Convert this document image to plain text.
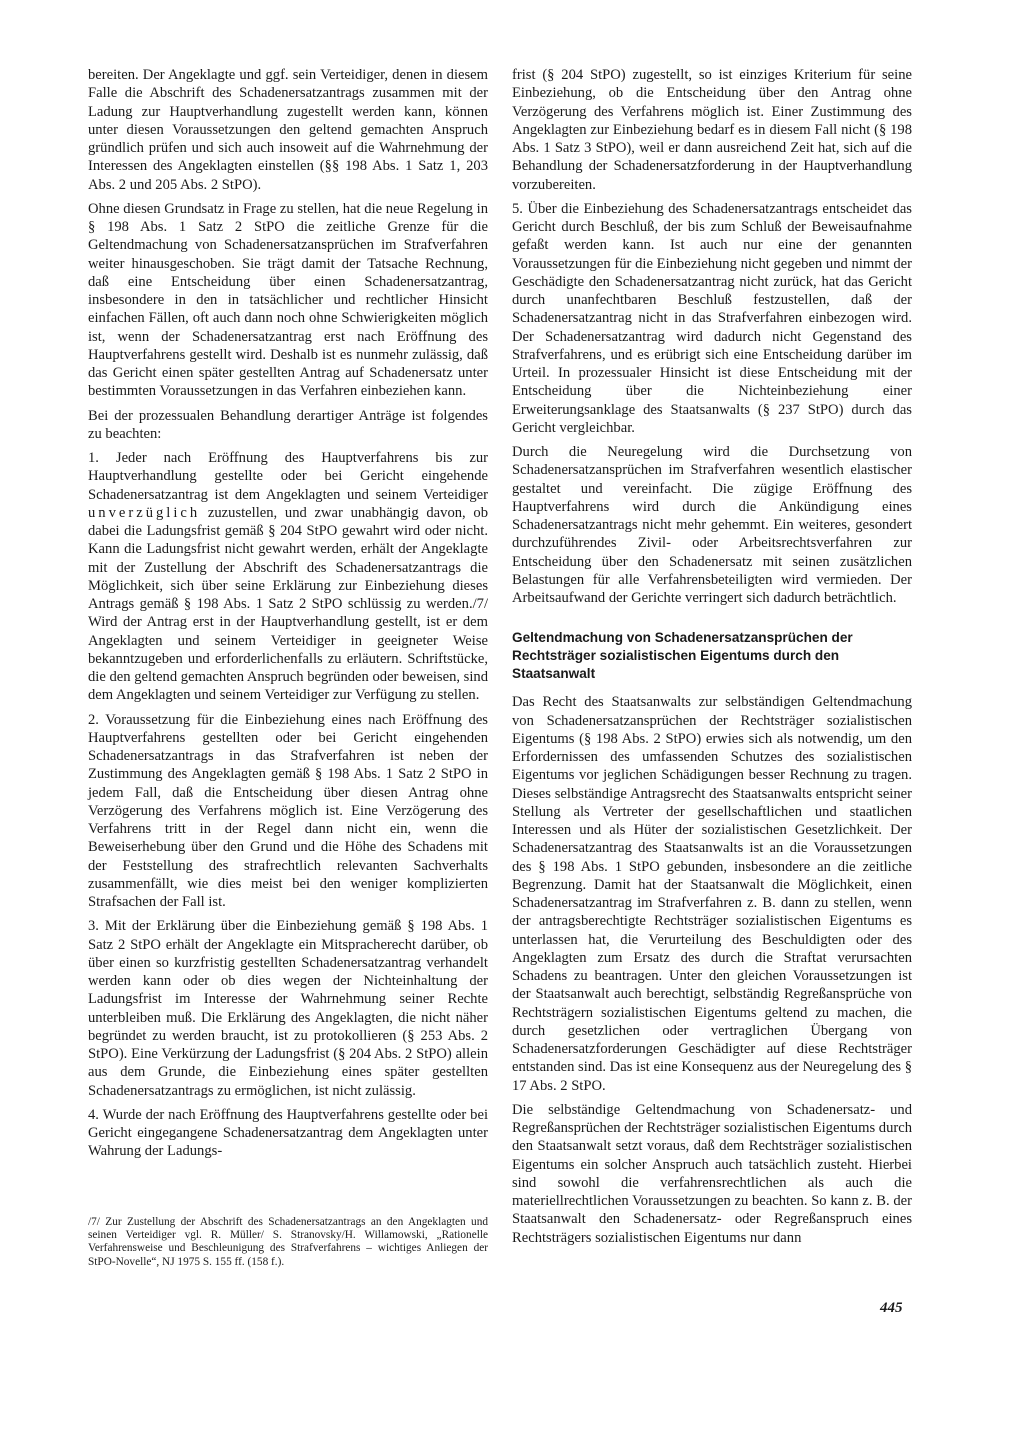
bereiten. Der Angeklagte und ggf. sein Verteidiger, denen in diesem Falle die Abschrift des Schadenersatzantrags zusammen mit der Ladung zur Hauptverhandlung zugestellt werden kann, können unter diesen Voraussetzungen den geltend gemachten Anspruch gründlich prüfen und sich auch insoweit auf die Wahrnehmung der Interessen des Angeklagten einstellen (§§ 198 Abs. 1 Satz 1, 203 Abs. 2 und 205 Abs. 2 StPO).

Ohne diesen Grundsatz in Frage zu stellen, hat die neue Regelung in § 198 Abs. 1 Satz 2 StPO die zeitliche Grenze für die Geltendmachung von Schadenersatzansprüchen im Strafverfahren weiter hinausgeschoben. Sie trägt damit der Tatsache Rechnung, daß eine Entscheidung über einen Schadenersatzantrag, insbesondere in den in tatsächlicher und rechtlicher Hinsicht einfachen Fällen, oft auch dann noch ohne Schwierigkeiten möglich ist, wenn der Schadenersatzantrag erst nach Eröffnung des Hauptverfahrens gestellt wird. Deshalb ist es nunmehr zulässig, daß das Gericht einen später gestellten Antrag auf Schadenersatz unter bestimmten Voraussetzungen in das Verfahren einbeziehen kann.

Bei der prozessualen Behandlung derartiger Anträge ist folgendes zu beachten:

1. Jeder nach Eröffnung des Hauptverfahrens bis zur Hauptverhandlung gestellte oder bei Gericht eingehende Schadenersatzantrag ist dem Angeklagten und seinem Verteidiger unverzüglich zuzustellen, und zwar unabhängig davon, ob dabei die Ladungsfrist gemäß § 204 StPO gewahrt wird oder nicht. Kann die Ladungsfrist nicht gewahrt werden, erhält der Angeklagte mit der Zustellung der Abschrift des Schadenersatzantrags die Möglichkeit, sich über seine Erklärung zur Einbeziehung dieses Antrags gemäß § 198 Abs. 1 Satz 2 StPO schlüssig zu werden./7/ Wird der Antrag erst in der Hauptverhandlung gestellt, ist er dem Angeklagten und seinem Verteidiger in geeigneter Weise bekanntzugeben und erforderlichenfalls zu erläutern. Schriftstücke, die den geltend gemachten Anspruch begründen oder beweisen, sind dem Angeklagten und seinem Verteidiger zur Verfügung zu stellen.

2. Voraussetzung für die Einbeziehung eines nach Eröffnung des Hauptverfahrens gestellten oder bei Gericht eingehenden Schadenersatzantrags in das Strafverfahren ist neben der Zustimmung des Angeklagten gemäß § 198 Abs. 1 Satz 2 StPO in jedem Fall, daß die Entscheidung über diesen Antrag ohne Verzögerung des Verfahrens möglich ist. Eine Verzögerung des Verfahrens tritt in der Regel dann nicht ein, wenn die Beweiserhebung über den Grund und die Höhe des Schadens mit der Feststellung des strafrechtlich relevanten Sachverhalts zusammenfällt, wie dies meist bei den weniger komplizierten Strafsachen der Fall ist.

3. Mit der Erklärung über die Einbeziehung gemäß § 198 Abs. 1 Satz 2 StPO erhält der Angeklagte ein Mitspracherecht darüber, ob über einen so kurzfristig gestellten Schadenersatzantrag verhandelt werden kann oder ob dies wegen der Nichteinhaltung der Ladungsfrist im Interesse der Wahrnehmung seiner Rechte unterbleiben muß. Die Erklärung des Angeklagten, die nicht näher begründet zu werden braucht, ist zu protokollieren (§ 253 Abs. 2 StPO). Eine Verkürzung der Ladungsfrist (§ 204 Abs. 2 StPO) allein aus dem Grunde, die Einbeziehung eines später gestellten Schadenersatzantrags zu ermöglichen, ist nicht zulässig.

4. Wurde der nach Eröffnung des Hauptverfahrens gestellte oder bei Gericht eingegangene Schadenersatzantrag dem Angeklagten unter Wahrung der Ladungs-

/7/ Zur Zustellung der Abschrift des Schadenersatzantrags an den Angeklagten und seinen Verteidiger vgl. R. Müller/ S. Stranovsky/H. Willamowski, „Rationelle Verfahrensweise und Beschleunigung des Strafverfahrens – wichtiges Anliegen der StPO-Novelle“, NJ 1975 S. 155 ff. (158 f.).

frist (§ 204 StPO) zugestellt, so ist einziges Kriterium für seine Einbeziehung, ob die Entscheidung über den Antrag ohne Verzögerung des Verfahrens möglich ist. Einer Zustimmung des Angeklagten zur Einbeziehung bedarf es in diesem Fall nicht (§ 198 Abs. 1 Satz 3 StPO), weil er dann ausreichend Zeit hat, sich auf die Behandlung der Schadenersatzforderung in der Hauptverhandlung vorzubereiten.

5. Über die Einbeziehung des Schadenersatzantrags entscheidet das Gericht durch Beschluß, der bis zum Schluß der Beweisaufnahme gefaßt werden kann. Ist auch nur eine der genannten Voraussetzungen für die Einbeziehung nicht gegeben und nimmt der Geschädigte den Schadenersatzantrag nicht zurück, hat das Gericht durch unanfechtbaren Beschluß festzustellen, daß der Schadenersatzantrag nicht in das Strafverfahren einbezogen wird. Der Schadenersatzantrag wird dadurch nicht Gegenstand des Strafverfahrens, und es erübrigt sich eine Entscheidung darüber im Urteil. In prozessualer Hinsicht ist diese Entscheidung mit der Entscheidung über die Nichteinbeziehung einer Erweiterungsanklage des Staatsanwalts (§ 237 StPO) durch das Gericht vergleichbar.

Durch die Neuregelung wird die Durchsetzung von Schadenersatzansprüchen im Strafverfahren wesentlich elastischer gestaltet und vereinfacht. Die zügige Eröffnung des Hauptverfahrens wird durch die Ankündigung eines Schadenersatzantrags nicht mehr gehemmt. Ein weiteres, gesondert durchzuführendes Zivil- oder Arbeitsrechtsverfahren zur Entscheidung über den Schadenersatz mit seinen zusätzlichen Belastungen für alle Verfahrensbeteiligten wird vermieden. Der Arbeitsaufwand der Gerichte verringert sich dadurch beträchtlich.

Geltendmachung von Schadenersatzansprüchen der Rechtsträger sozialistischen Eigentums durch den Staatsanwalt

Das Recht des Staatsanwalts zur selbständigen Geltendmachung von Schadenersatzansprüchen der Rechtsträger sozialistischen Eigentums (§ 198 Abs. 2 StPO) erwies sich als notwendig, um den Erfordernissen des umfassenden Schutzes des sozialistischen Eigentums vor jeglichen Schädigungen besser Rechnung zu tragen. Dieses selbständige Antragsrecht des Staatsanwalts entspricht seiner Stellung als Vertreter der gesellschaftlichen und staatlichen Interessen und als Hüter der sozialistischen Gesetzlichkeit. Der Schadenersatzantrag des Staatsanwalts ist an die Voraussetzungen des § 198 Abs. 1 StPO gebunden, insbesondere an die zeitliche Begrenzung. Damit hat der Staatsanwalt die Möglichkeit, einen Schadenersatzantrag im Strafverfahren z. B. dann zu stellen, wenn der antragsberechtigte Rechtsträger sozialistischen Eigentums es unterlassen hat, die Verurteilung des Beschuldigten oder des Angeklagten zum Ersatz des durch die Straftat verursachten Schadens zu beantragen. Unter den gleichen Voraussetzungen ist der Staatsanwalt auch berechtigt, selbständig Regreßansprüche von Rechtsträgern sozialistischen Eigentums geltend zu machen, die durch gesetzlichen oder vertraglichen Übergang von Schadenersatzforderungen Geschädigter auf diese Rechtsträger entstanden sind. Das ist eine Konsequenz aus der Neuregelung des § 17 Abs. 2 StPO.

Die selbständige Geltendmachung von Schadenersatz- und Regreßansprüchen der Rechtsträger sozialistischen Eigentums durch den Staatsanwalt setzt voraus, daß dem Rechtsträger sozialistischen Eigentums ein solcher Anspruch auch tatsächlich zusteht. Hierbei sind sowohl die verfahrensrechtlichen als auch die materiellrechtlichen Voraussetzungen zu beachten. So kann z. B. der Staatsanwalt den Schadenersatz- oder Regreßanspruch eines Rechtsträgers sozialistischen Eigentums nur dann

445
